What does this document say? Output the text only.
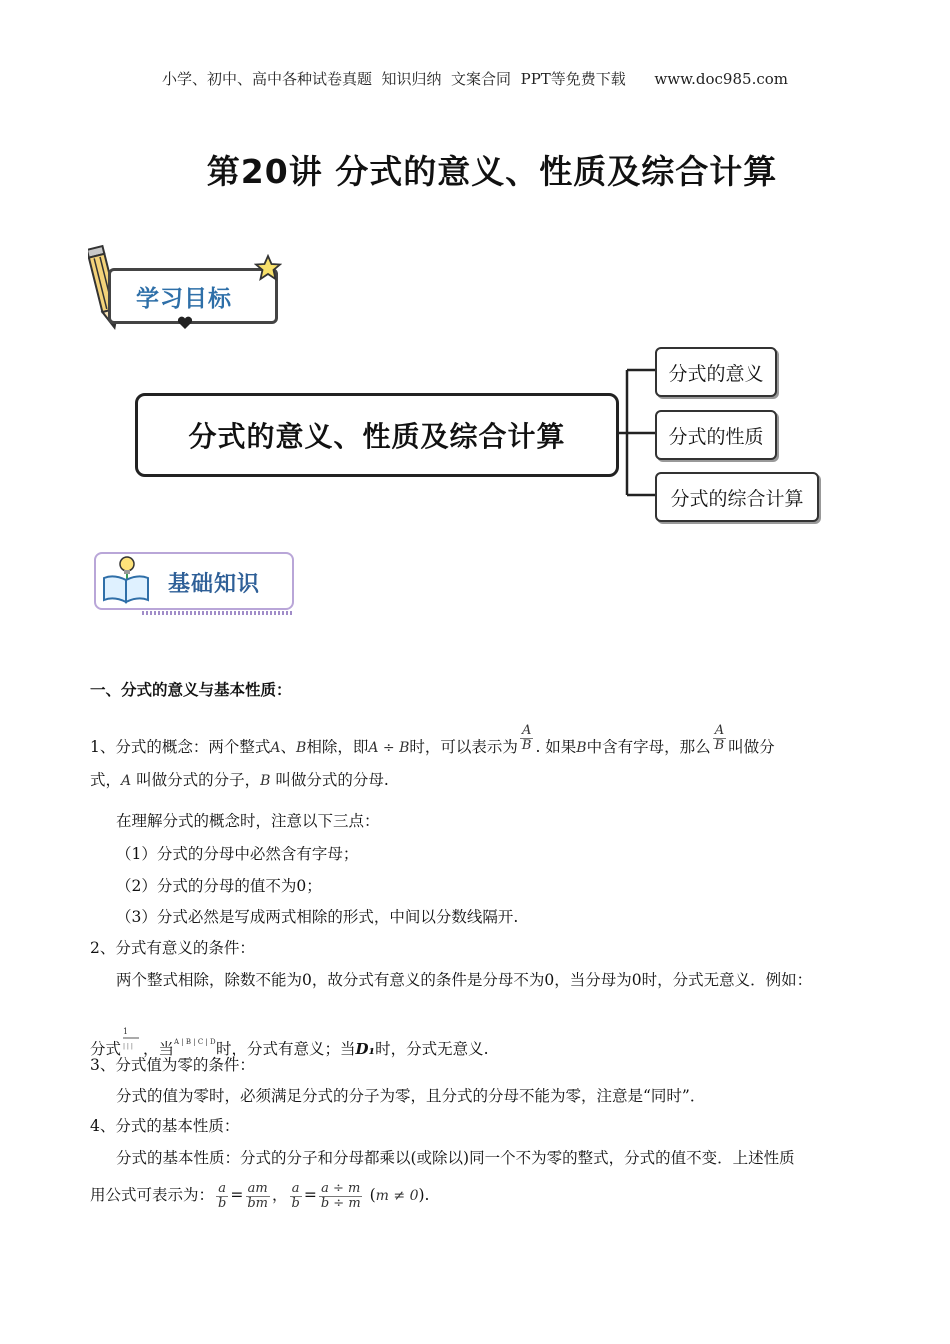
小学、初中、高中各种试卷真题  知识归纳  文案合同  PPT等免费下载      www.doc985.com
第20讲 分式的意义、性质及综合计算
学习目标
分式的意义、性质及综合计算
分式的意义
分式的性质
分式的综合计算
基础知识
一、分式的意义与基本性质：
1、分式的概念：两个整式A、B相除，即A ÷ B时，可以表示为 $\frac{A}{B}$ . 如果B中含有字母，那么 $\frac{A}{B}$ 叫做分
式，A 叫做分式的分子，B 叫做分式的分母.
在理解分式的概念时，注意以下三点：
（1）分式的分母中必然含有字母；
（2）分式的分母的值不为0；
（3）分式必然是写成两式相除的形式，中间以分数线隔开.
2、分式有意义的条件：
两个整式相除，除数不能为0，故分式有意义的条件是分母不为0，当分母为0时，分式无意义．例如：
分式
1
| | | ，当 A | B | C | D 时，分式有意义；当D₁时，分式无意义.
3、分式值为零的条件：
分式的值为零时，必须满足分式的分子为零，且分式的分母不能为零，注意是“同时”．
4、分式的基本性质：
分式的基本性质：分式的分子和分母都乘以(或除以)同一个不为零的整式，分式的值不变．上述性质
用公式可表示为： $\frac{a}{b} = \frac{am}{bm}$ ， $\frac{a}{b} = \frac{a \div m}{b \div m} (m \ne 0)$.
